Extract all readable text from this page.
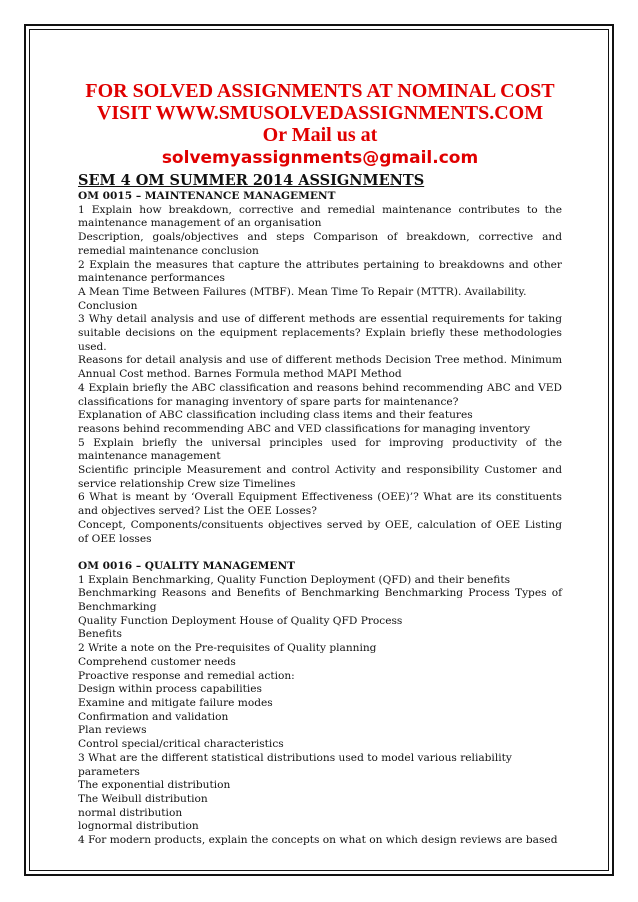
FOR SOLVED ASSIGNMENTS AT NOMINAL COST

VISIT WWW.SMUSOLVEDASSIGNMENTS.COM

Or Mail us at

solvemyassignments@gmail.com

SEM 4 OM SUMMER 2014 ASSIGNMENTS

OM 0015 – MAINTENANCE MANAGEMENT

1 Explain how breakdown, corrective and remedial maintenance contributes to the maintenance management of an organisation

Description, goals/objectives and steps Comparison of breakdown, corrective and remedial maintenance conclusion

2 Explain the measures that capture the attributes pertaining to breakdowns and other maintenance performances

A Mean Time Between Failures (MTBF). Mean Time To Repair (MTTR). Availability.

Conclusion

3 Why detail analysis and use of different methods are essential requirements for taking suitable decisions on the equipment replacements? Explain briefly these methodologies used.

Reasons for detail analysis and use of different methods Decision Tree method. Minimum Annual Cost method. Barnes Formula method MAPI Method

4 Explain briefly the ABC classification and reasons behind recommending ABC and VED classifications for managing inventory of spare parts for maintenance?

Explanation of ABC classification including class items and their features

reasons behind recommending ABC and VED classifications for managing inventory

5 Explain briefly the universal principles used for improving productivity of the maintenance management

Scientific principle Measurement and control Activity and responsibility Customer and service relationship Crew size Timelines

6 What is meant by ‘Overall Equipment Effectiveness (OEE)’? What are its constituents and objectives served? List the OEE Losses?

Concept, Components/consituents objectives served by OEE, calculation of OEE Listing of OEE losses

OM 0016 – QUALITY MANAGEMENT

1 Explain Benchmarking, Quality Function Deployment (QFD) and their benefits

Benchmarking Reasons and Benefits of Benchmarking Benchmarking Process Types of Benchmarking

Quality Function Deployment House of Quality QFD Process

Benefits

2 Write a note on the Pre-requisites of Quality planning

Comprehend customer needs

Proactive response and remedial action:

Design within process capabilities

Examine and mitigate failure modes

Confirmation and validation

Plan reviews

Control special/critical characteristics

3 What are the different statistical distributions used to model various reliability parameters

The exponential distribution

The Weibull distribution

normal distribution

lognormal distribution

4 For modern products, explain the concepts on what on which design reviews are based
